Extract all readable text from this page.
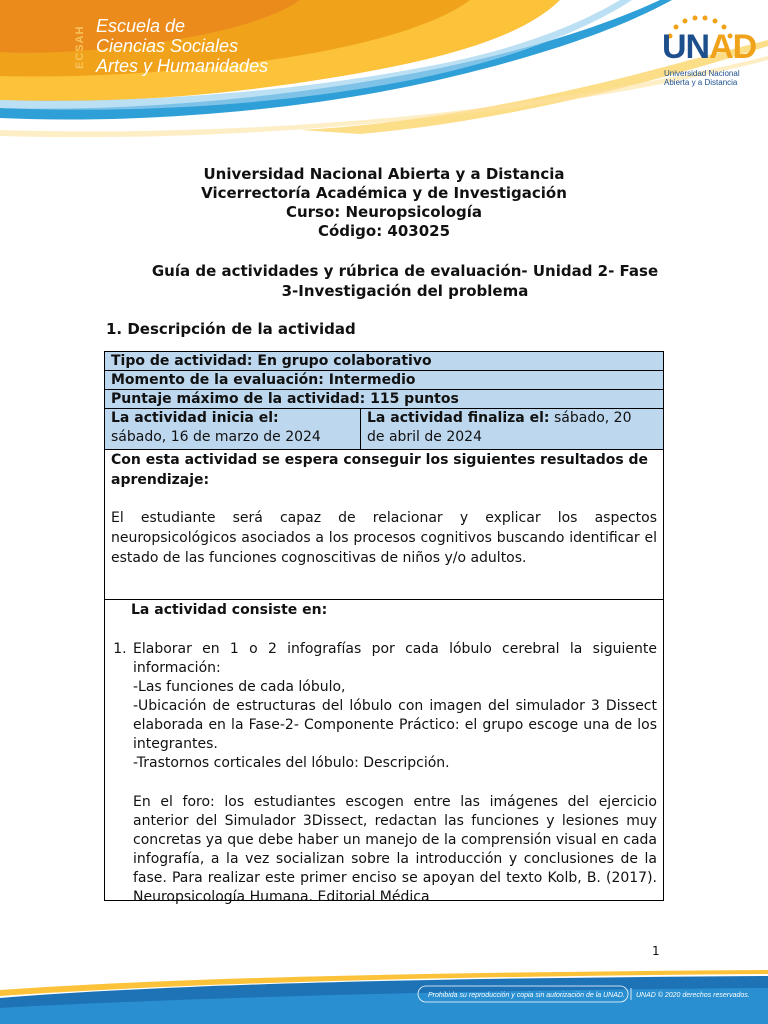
ECSAH Escuela de
Ciencias Sociales
Artes y Humanidades	UNAD
Universidad Nacional
Abierta y a Distancia
Universidad Nacional Abierta y a Distancia
Vicerrectoría Académica y de Investigación
Curso: Neuropsicología
Código: 403025
Guía de actividades y rúbrica de evaluación- Unidad 2- Fase
3-Investigación del problema
1. Descripción de la actividad
Tipo de actividad: En grupo colaborativo
Momento de la evaluación: Intermedio
Puntaje máximo de la actividad: 115 puntos
La actividad inicia el:
sábado, 16 de marzo de 2024
La actividad finaliza el: sábado, 20
de abril de 2024
Con esta actividad se espera conseguir los siguientes resultados de aprendizaje:
El estudiante será capaz de relacionar y explicar los aspectos neuropsicológicos asociados a los procesos cognitivos buscando identificar el estado de las funciones cognoscitivas de niños y/o adultos.
La actividad consiste en:
1. Elaborar en 1 o 2 infografías por cada lóbulo cerebral la siguiente información:
-Las funciones de cada lóbulo,
-Ubicación de estructuras del lóbulo con imagen del simulador 3 Dissect elaborada en la Fase-2- Componente Práctico: el grupo escoge una de los integrantes.
-Trastornos corticales del lóbulo: Descripción.
En el foro: los estudiantes escogen entre las imágenes del ejercicio anterior del Simulador 3Dissect, redactan las funciones y lesiones muy concretas ya que debe haber un manejo de la comprensión visual en cada infografía, a la vez socializan sobre la introducción y conclusiones de la fase. Para realizar este primer enciso se apoyan del texto Kolb, B. (2017). Neuropsicología Humana. Editorial Médica
1
Prohibida su reproducción y copia sin autorización de la UNAD. UNAD © 2020 derechos reservados.
